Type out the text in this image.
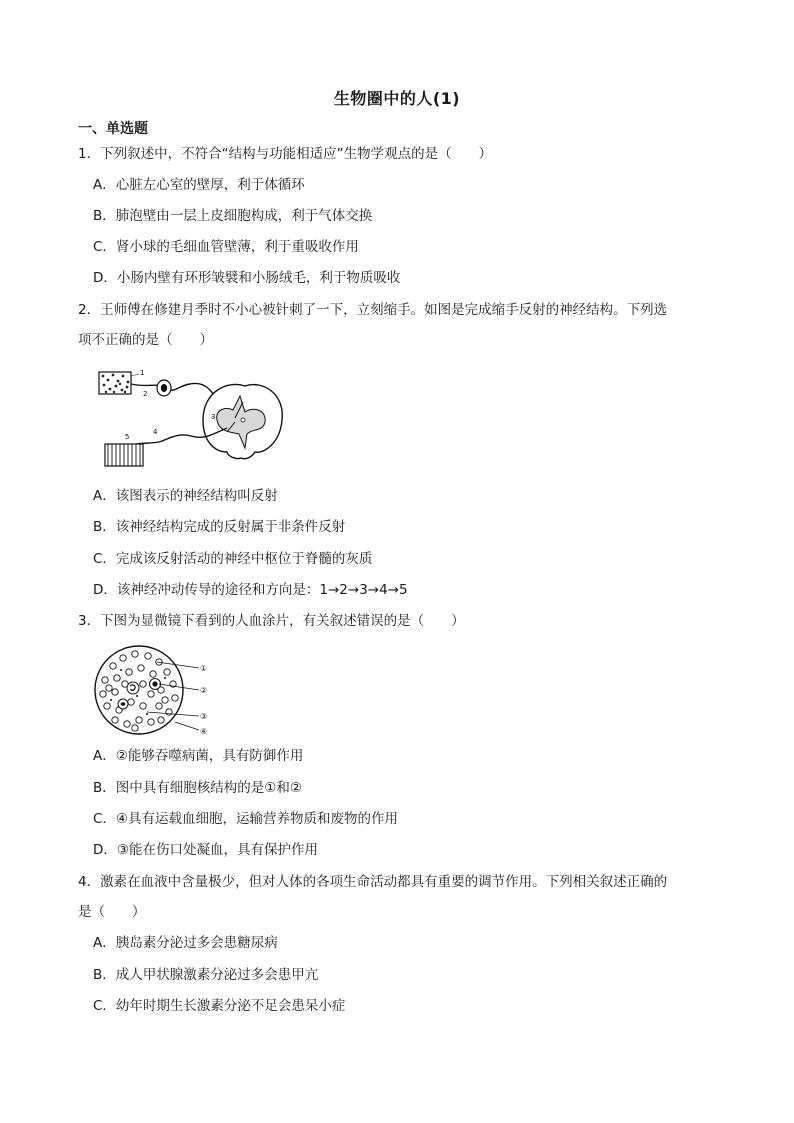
生物圈中的人(1)
一、单选题
1．下列叙述中，不符合“结构与功能相适应”生物学观点的是（　　）
A．心脏左心室的壁厚，利于体循环
B．肺泡壁由一层上皮细胞构成，利于气体交换
C．肾小球的毛细血管壁薄，利于重吸收作用
D．小肠内壁有环形皱襞和小肠绒毛，利于物质吸收
2．王师傅在修建月季时不小心被针刺了一下，立刻缩手。如图是完成缩手反射的神经结构。下列选
项不正确的是（　　）
1
2
3
4
5
A．该图表示的神经结构叫反射
B．该神经结构完成的反射属于非条件反射
C．完成该反射活动的神经中枢位于脊髓的灰质
D．该神经冲动传导的途径和方向是：1→2→3→4→5
3．下图为显微镜下看到的人血涂片，有关叙述错误的是（　　）
①
②
③
④
A．②能够吞噬病菌，具有防御作用
B．图中具有细胞核结构的是①和②
C．④具有运载血细胞，运输营养物质和废物的作用
D．③能在伤口处凝血，具有保护作用
4．激素在血液中含量极少，但对人体的各项生命活动都具有重要的调节作用。下列相关叙述正确的
是（　　）
A．胰岛素分泌过多会患糖尿病
B．成人甲状腺激素分泌过多会患甲亢
C．幼年时期生长激素分泌不足会患呆小症
